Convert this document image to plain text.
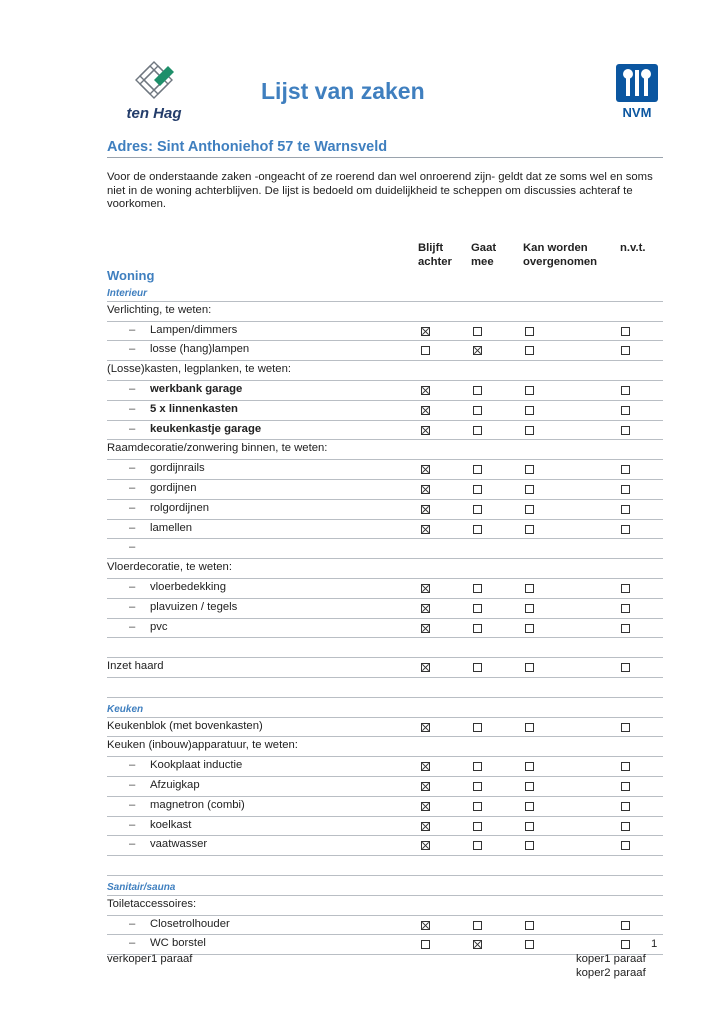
ten Hag
Lijst van zaken
NVM
Adres: Sint Anthoniehof 57 te Warnsveld
Voor de onderstaande zaken -ongeacht of ze roerend dan wel onroerend zijn- geldt dat ze soms wel en soms niet in de woning achterblijven. De lijst is bedoeld om duidelijkheid te scheppen om discussies achteraf te voorkomen.
Blijft
achter
Gaat
mee
Kan worden
overgenomen
n.v.t.
Woning
Interieur
Verlichting, te weten:
– Lampen/dimmers
– losse (hang)lampen
(Losse)kasten, legplanken, te weten:
– werkbank garage
– 5 x linnenkasten
– keukenkastje garage
Raamdecoratie/zonwering binnen, te weten:
– gordijnrails
– gordijnen
– rolgordijnen
– lamellen
–
Vloerdecoratie, te weten:
– vloerbedekking
– plavuizen / tegels
– pvc
Inzet haard
Keuken
Keukenblok (met bovenkasten)
Keuken (inbouw)apparatuur, te weten:
– Kookplaat inductie
– Afzuigkap
– magnetron (combi)
– koelkast
– vaatwasser
Sanitair/sauna
Toiletaccessoires:
– Closetrolhouder
– WC borstel	1
verkoper1 paraaf	koper1 paraaf
koper2 paraaf
